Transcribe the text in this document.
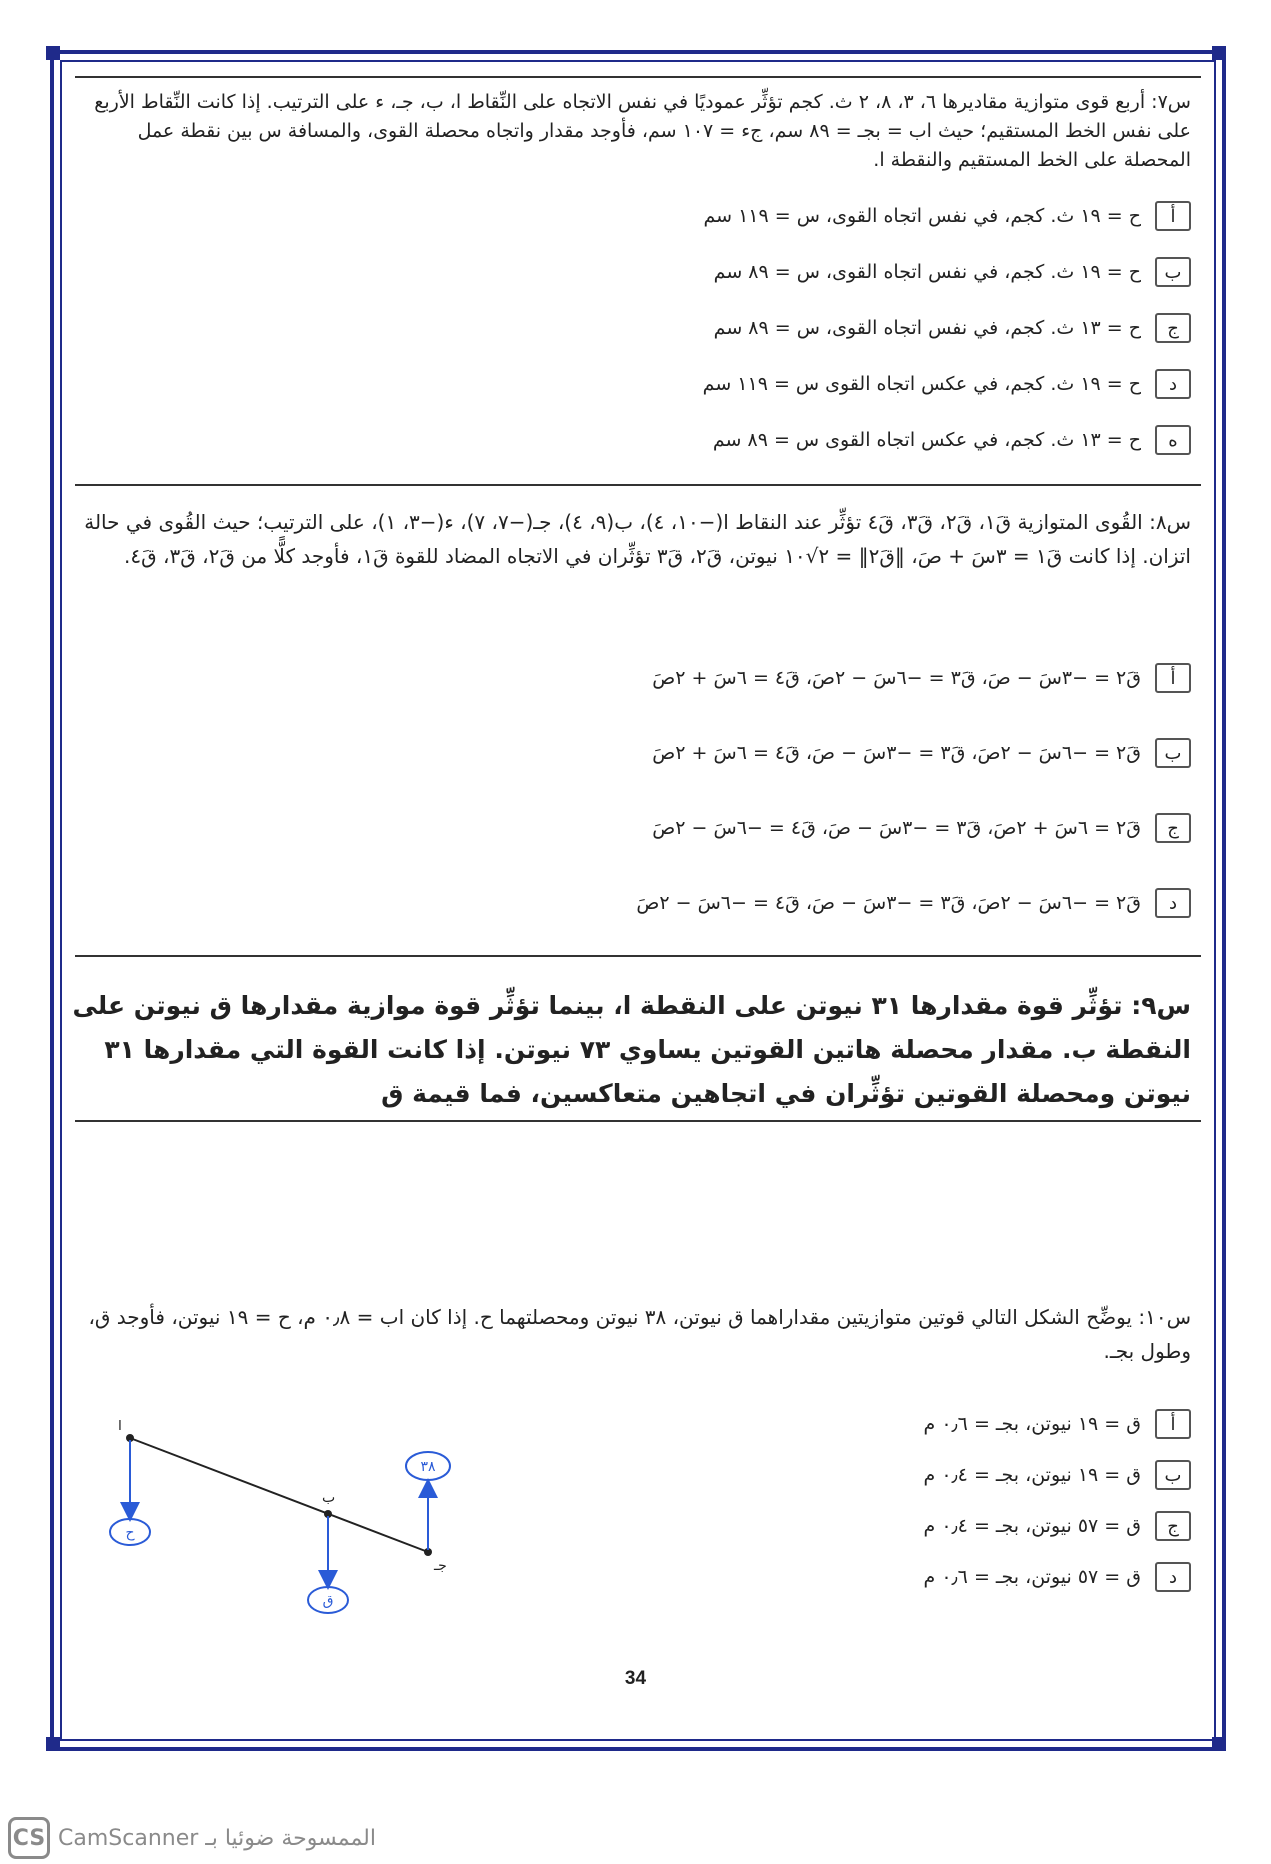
س٧: أربع قوى متوازية مقاديرها ٦، ٣، ٨، ٢ ث. كجم تؤثِّر عموديًا في نفس الاتجاه على النِّقاط ا، ب، جـ، ء على الترتيب. إذا كانت النِّقاط الأربع على نفس الخط المستقيم؛ حيث اب = بجـ = ٨٩ سم، جء = ١٠٧ سم، فأوجد مقدار واتجاه محصلة القوى، والمسافة س بين نقطة عمل المحصلة على الخط المستقيم والنقطة ا.
أ
ح = ١٩ ث. كجم، في نفس اتجاه القوى، س = ١١٩ سم
ب
ح = ١٩ ث. كجم، في نفس اتجاه القوى، س = ٨٩ سم
ج
ح = ١٣ ث. كجم، في نفس اتجاه القوى، س = ٨٩ سم
د
ح = ١٩ ث. كجم، في عكس اتجاه القوى س = ١١٩ سم
ه
ح = ١٣ ث. كجم، في عكس اتجاه القوى س = ٨٩ سم
س٨: القُوى المتوازية قَ١، قَ٢، قَ٣، قَ٤ تؤثِّر عند النقاط ا(−١٠، ٤)، ب(٩، ٤)، جـ(−٧، ٧)، ء(−٣، ١)، على الترتيب؛ حيث القُوى في حالة اتزان. إذا كانت قَ١ = ٣سَ + صَ، ‖قَ٢‖ = ٢√١٠ نيوتن، قَ٢، قَ٣ تؤثِّران في الاتجاه المضاد للقوة قَ١، فأوجد كلًّا من قَ٢، قَ٣، قَ٤.
أ
قَ٢ = −٣سَ − صَ، قَ٣ = −٦سَ − ٢صَ، قَ٤ = ٦سَ + ٢صَ
ب
قَ٢ = −٦سَ − ٢صَ، قَ٣ = −٣سَ − صَ، قَ٤ = ٦سَ + ٢صَ
ج
قَ٢ = ٦سَ + ٢صَ، قَ٣ = −٣سَ − صَ، قَ٤ = −٦سَ − ٢صَ
د
قَ٢ = −٦سَ − ٢صَ، قَ٣ = −٣سَ − صَ، قَ٤ = −٦سَ − ٢صَ
س٩: تؤثِّر قوة مقدارها ٣١ نيوتن على النقطة ا، بينما تؤثِّر قوة موازية مقدارها ق نيوتن على النقطة ب. مقدار محصلة هاتين القوتين يساوي ٧٣ نيوتن. إذا كانت القوة التي مقدارها ٣١ نيوتن ومحصلة القوتين تؤثِّران في اتجاهين متعاكسين، فما قيمة ق
س١٠: يوضِّح الشكل التالي قوتين متوازيتين مقداراهما ق نيوتن، ٣٨ نيوتن ومحصلتهما ح. إذا كان اب = ٠٫٨ م، ح = ١٩ نيوتن، فأوجد ق، وطول بجـ.
أ
ق = ١٩ نيوتن، بجـ = ٠٫٦ م
ب
ق = ١٩ نيوتن، بجـ = ٠٫٤ م
ج
ق = ٥٧ نيوتن، بجـ = ٠٫٤ م
د
ق = ٥٧ نيوتن، بجـ = ٠٫٦ م
ا
ب
جـ
ح
ق
٣٨
34
CS CamScanner الممسوحة ضوئيا بـ
